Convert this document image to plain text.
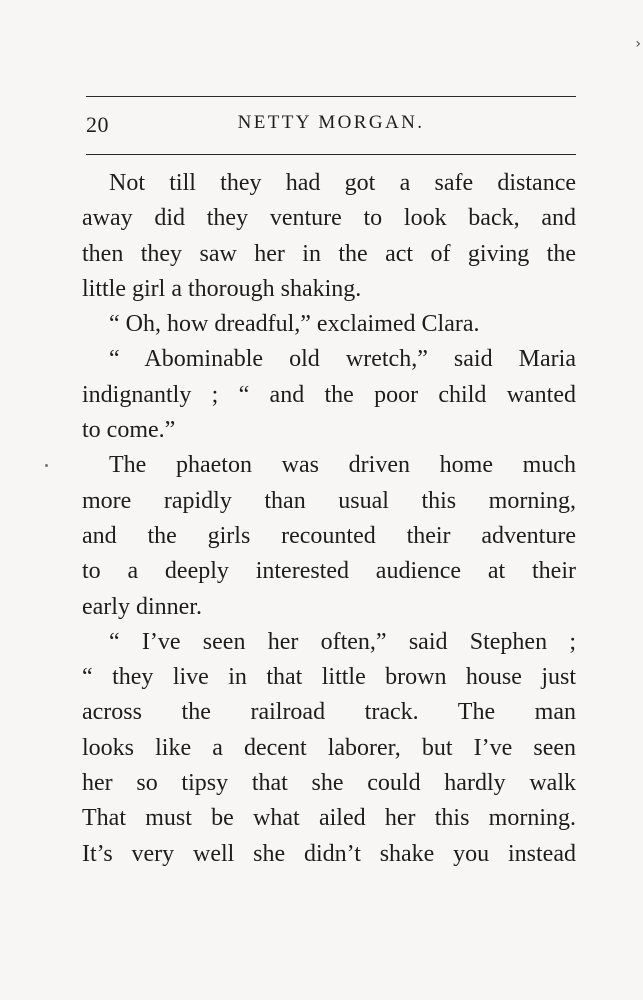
›
20	NETTY MORGAN.
Not till they had got a safe distance
away did they venture to look back, and
then they saw her in the act of giving the
little girl a thorough shaking.
“ Oh, how dreadful,” exclaimed Clara.
“ Abominable old wretch,” said Maria
indignantly ; “ and the poor child wanted
to come.”
The phaeton was driven home much
more rapidly than usual this morning,
and the girls recounted their adventure
to a deeply interested audience at their
early dinner.
“ I’ve seen her often,” said Stephen ;
“ they live in that little brown house just
across the railroad track. The man
looks like a decent laborer, but I’ve seen
her so tipsy that she could hardly walk
That must be what ailed her this morning.
It’s very well she didn’t shake you instead
